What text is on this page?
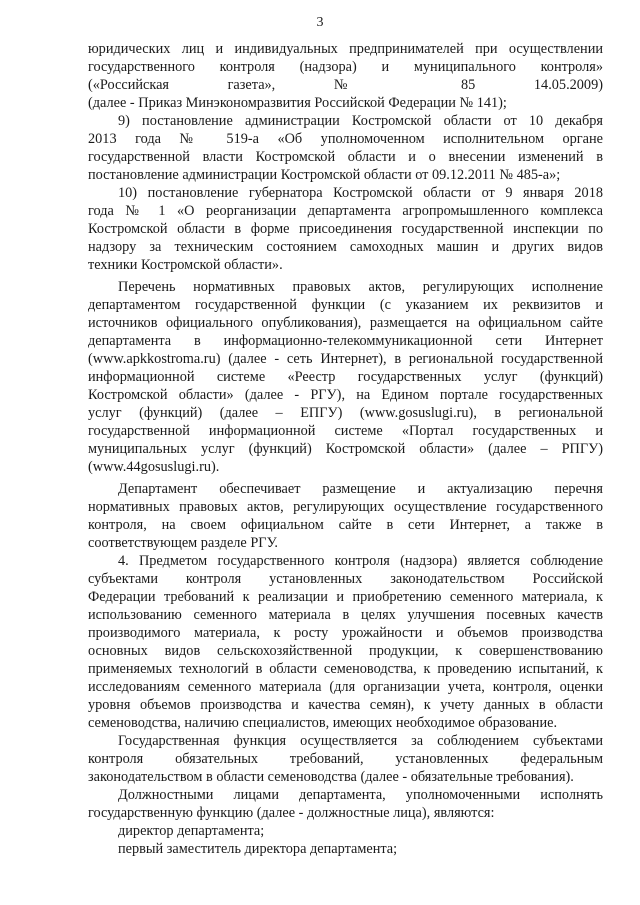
3
юридических лиц и индивидуальных предпринимателей при осуществлении
государственного контроля (надзора) и муниципального контроля»
(«Российская газета», № 85 14.05.2009)
(далее - Приказ Минэкономразвития Российской Федерации № 141);
9) постановление администрации Костромской области от 10 декабря
2013 года № 519-а «Об уполномоченном исполнительном органе
государственной власти Костромской области и о внесении изменений в
постановление администрации Костромской области от 09.12.2011 № 485-а»;
10) постановление губернатора Костромской области от 9 января 2018
года № 1 «О реорганизации департамента агропромышленного комплекса
Костромской области в форме присоединения государственной инспекции по
надзору за техническим состоянием самоходных машин и других видов
техники Костромской области».
Перечень нормативных правовых актов, регулирующих исполнение
департаментом государственной функции (с указанием их реквизитов и
источников официального опубликования), размещается на официальном сайте
департамента в информационно-телекоммуникационной сети Интернет
(www.apkkostroma.ru) (далее - сеть Интернет), в региональной государственной
информационной системе «Реестр государственных услуг (функций)
Костромской области» (далее - РГУ), на Едином портале государственных
услуг (функций) (далее – ЕПГУ) (www.gosuslugi.ru), в региональной
государственной информационной системе «Портал государственных и
муниципальных услуг (функций) Костромской области» (далее – РПГУ)
(www.44gosuslugi.ru).
Департамент обеспечивает размещение и актуализацию перечня
нормативных правовых актов, регулирующих осуществление государственного
контроля, на своем официальном сайте в сети Интернет, а также в
соответствующем разделе РГУ.
4. Предметом государственного контроля (надзора) является соблюдение
субъектами контроля установленных законодательством Российской
Федерации требований к реализации и приобретению семенного материала, к
использованию семенного материала в целях улучшения посевных качеств
производимого материала, к росту урожайности и объемов производства
основных видов сельскохозяйственной продукции, к совершенствованию
применяемых технологий в области семеноводства, к проведению испытаний, к
исследованиям семенного материала (для организации учета, контроля, оценки
уровня объемов производства и качества семян), к учету данных в области
семеноводства, наличию специалистов, имеющих необходимое образование.
Государственная функция осуществляется за соблюдением субъектами
контроля обязательных требований, установленных федеральным
законодательством в области семеноводства (далее - обязательные требования).
Должностными лицами департамента, уполномоченными исполнять
государственную функцию (далее - должностные лица), являются:
директор департамента;
первый заместитель директора департамента;
